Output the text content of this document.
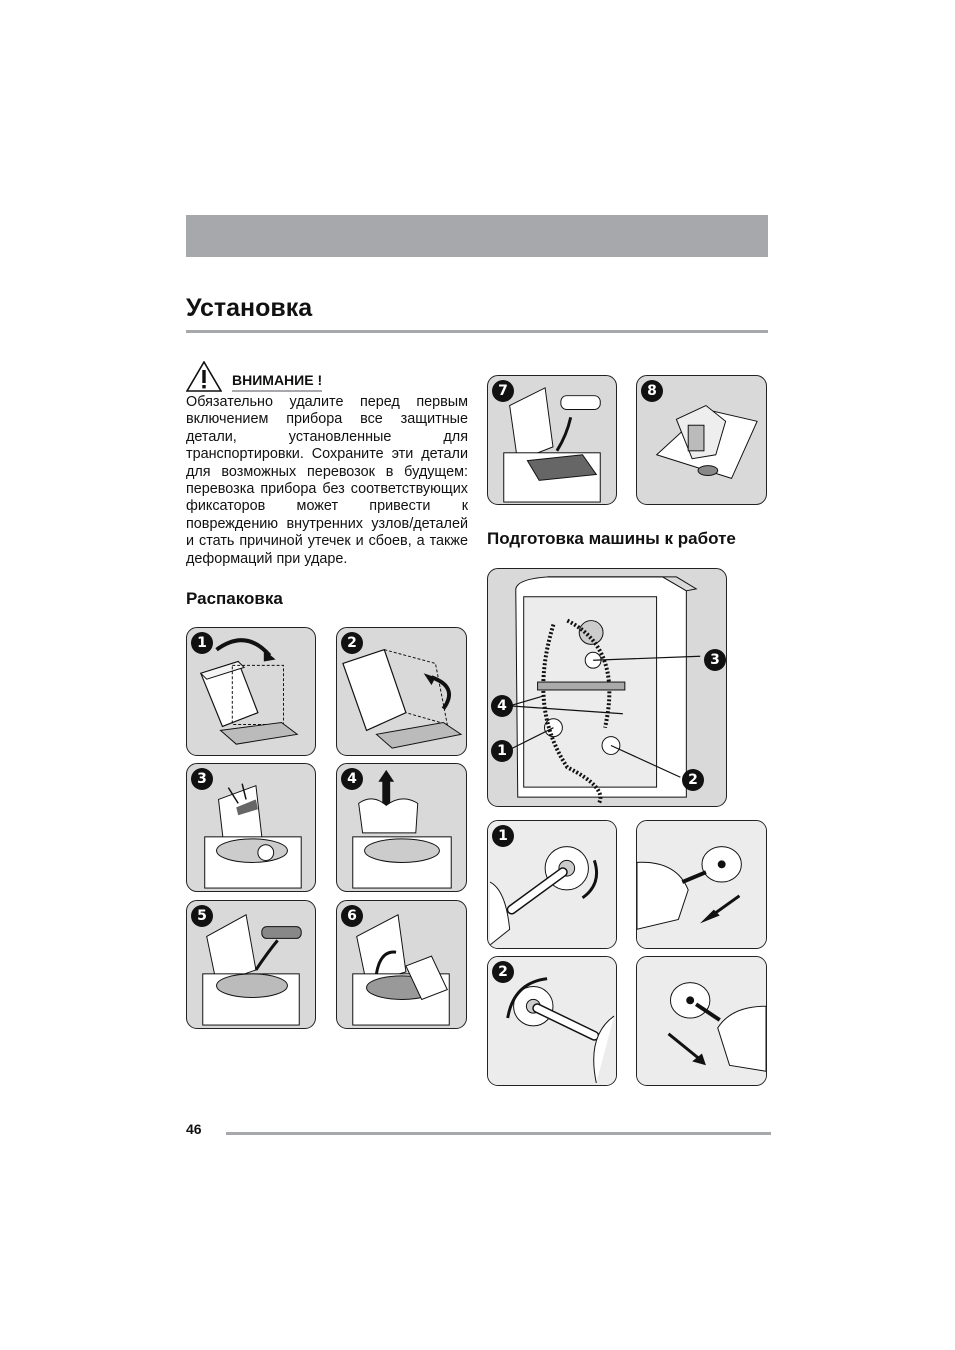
Установка
ВНИМАНИЕ !

Обязательно удалите перед первым включением прибора все защитные детали, установленные для транспортировки. Сохраните эти детали для возможных перевозок в будущем: перевозка прибора без соответствующих фиксаторов может привести к повреждению внутренних узлов/деталей и стать причиной утечек и сбоев, а также деформаций при ударе.

Распаковка
Подготовка машины к работе
1	2
3	4
5	6
7	8
3
4
1
2
1
2
46
